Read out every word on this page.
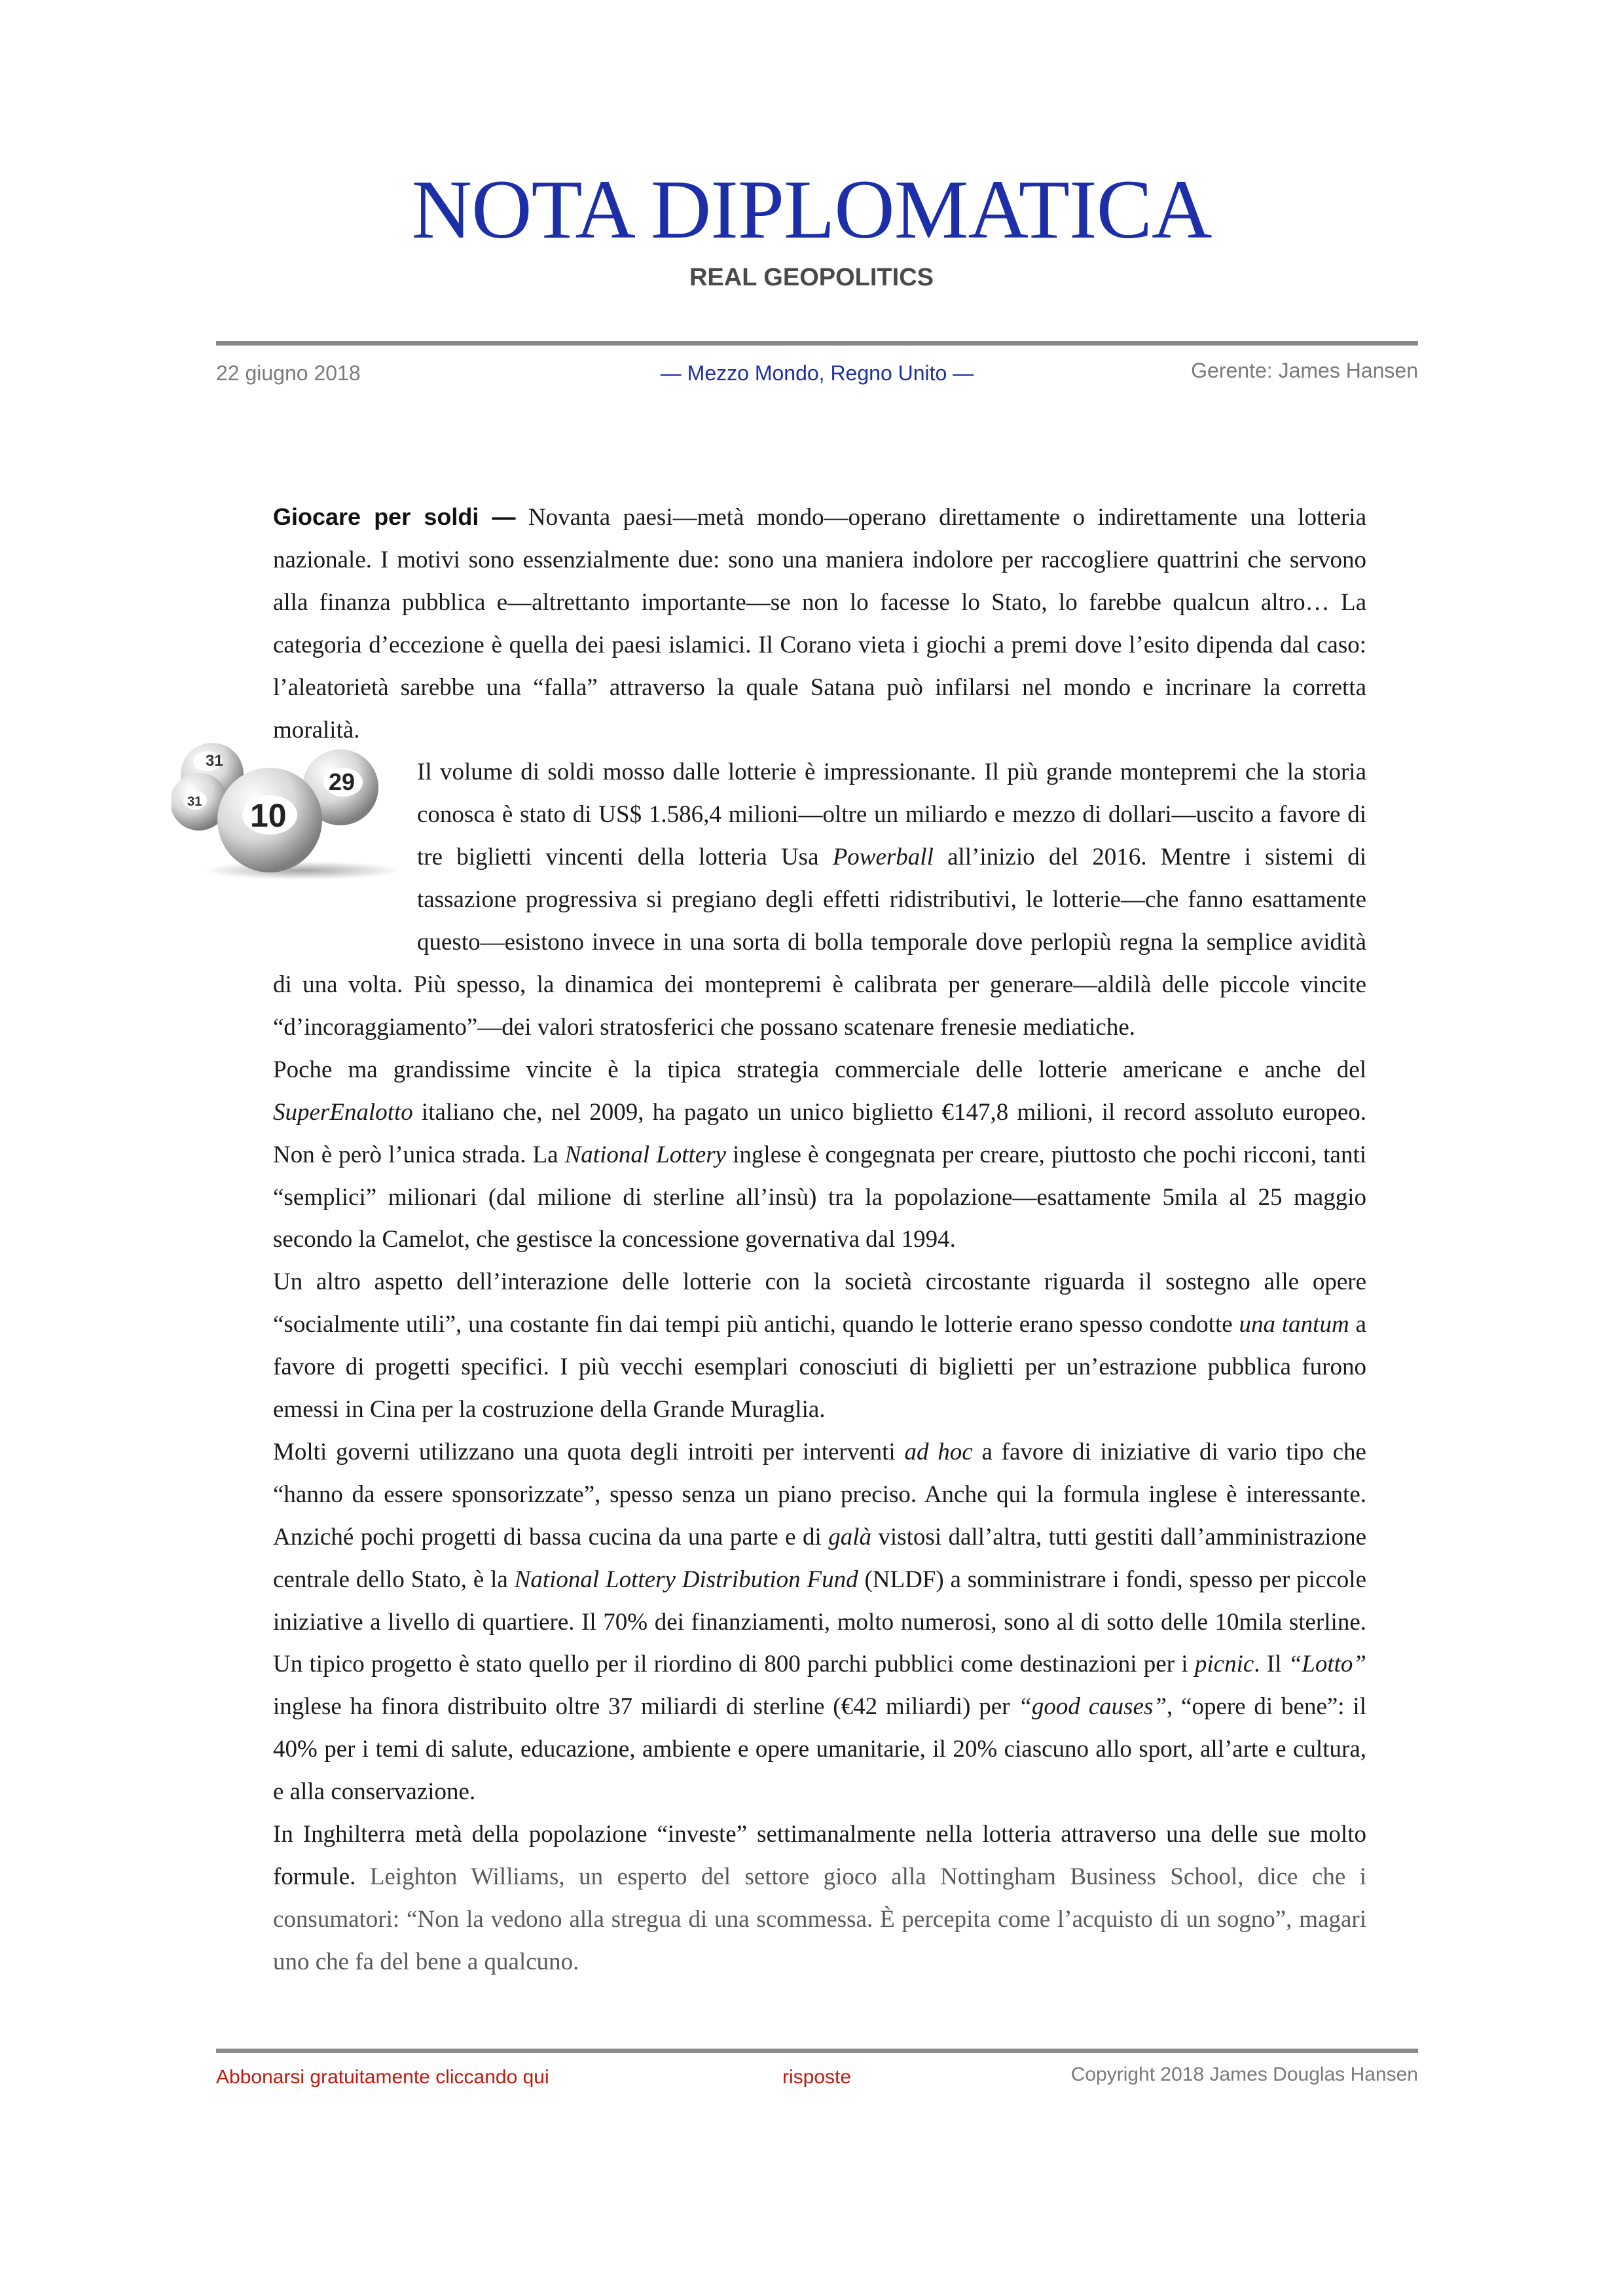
NOTA DIPLOMATICA
REAL GEOPOLITICS
22 giugno 2018	— Mezzo Mondo, Regno Unito —	Gerente: James Hansen
31
31
29
10

Giocare per soldi — Novanta paesi—metà mondo—operano direttamente o indirettamente una lotteria nazionale. I motivi sono essenzialmente due: sono una maniera indolore per raccogliere quattrini che servono alla finanza pubblica e—altrettanto importante—se non lo facesse lo Stato, lo farebbe qualcun altro… La categoria d’eccezione è quella dei paesi islamici. Il Corano vieta i giochi a premi dove l’esito dipenda dal caso: l’aleatorietà sarebbe una “falla” attraverso la quale Satana può infilarsi nel mondo e incrinare la corretta moralità.

Il volume di soldi mosso dalle lotterie è impressionante. Il più grande montepremi che la storia conosca è stato di US$ 1.586,4 milioni—oltre un miliardo e mezzo di dollari—uscito a favore di tre biglietti vincenti della lotteria Usa Powerball all’inizio del 2016. Mentre i sistemi di tassazione progressiva si pregiano degli effetti ridistributivi, le lotterie—che fanno esattamente questo—esistono invece in una sorta di bolla temporale dove perlopiù regna la semplice avidità di una volta. Più spesso, la dinamica dei montepremi è calibrata per generare—aldilà delle piccole vincite “d’incoraggiamento”—dei valori stratosferici che possano scatenare frenesie mediatiche.

Poche ma grandissime vincite è la tipica strategia commerciale delle lotterie americane e anche del SuperEnalotto italiano che, nel 2009, ha pagato un unico biglietto €147,8 milioni, il record assoluto europeo. Non è però l’unica strada. La National Lottery inglese è congegnata per creare, piuttosto che pochi ricconi, tanti “semplici” milionari (dal milione di sterline all’insù) tra la popolazione—esattamente 5mila al 25 maggio secondo la Camelot, che gestisce la concessione governativa dal 1994.

Un altro aspetto dell’interazione delle lotterie con la società circostante riguarda il sostegno alle opere “socialmente utili”, una costante fin dai tempi più antichi, quando le lotterie erano spesso condotte una tantum a favore di progetti specifici. I più vecchi esemplari conosciuti di biglietti per un’estrazione pubblica furono emessi in Cina per la costruzione della Grande Muraglia.

Molti governi utilizzano una quota degli introiti per interventi ad hoc a favore di iniziative di vario tipo che “hanno da essere sponsorizzate”, spesso senza un piano preciso. Anche qui la formula inglese è interessante. Anziché pochi progetti di bassa cucina da una parte e di galà vistosi dall’altra, tutti gestiti dall’amministrazione centrale dello Stato, è la National Lottery Distribution Fund (NLDF) a somministrare i fondi, spesso per piccole iniziative a livello di quartiere. Il 70% dei finanziamenti, molto numerosi, sono al di sotto delle 10mila sterline. Un tipico progetto è stato quello per il riordino di 800 parchi pubblici come destinazioni per i picnic. Il “Lotto” inglese ha finora distribuito oltre 37 miliardi di sterline (€42 miliardi) per “good causes”, “opere di bene”: il 40% per i temi di salute, educazione, ambiente e opere umanitarie, il 20% ciascuno allo sport, all’arte e cultura, e alla conservazione.

In Inghilterra metà della popolazione “investe” settimanalmente nella lotteria attraverso una delle sue molto formule. Leighton Williams, un esperto del settore gioco alla Nottingham Business School, dice che i consumatori: “Non la vedono alla stregua di una scommessa. È percepita come l’acquisto di un sogno”, magari uno che fa del bene a qualcuno.

Abbonarsi gratuitamente cliccando qui	risposte	Copyright 2018 James Douglas Hansen
